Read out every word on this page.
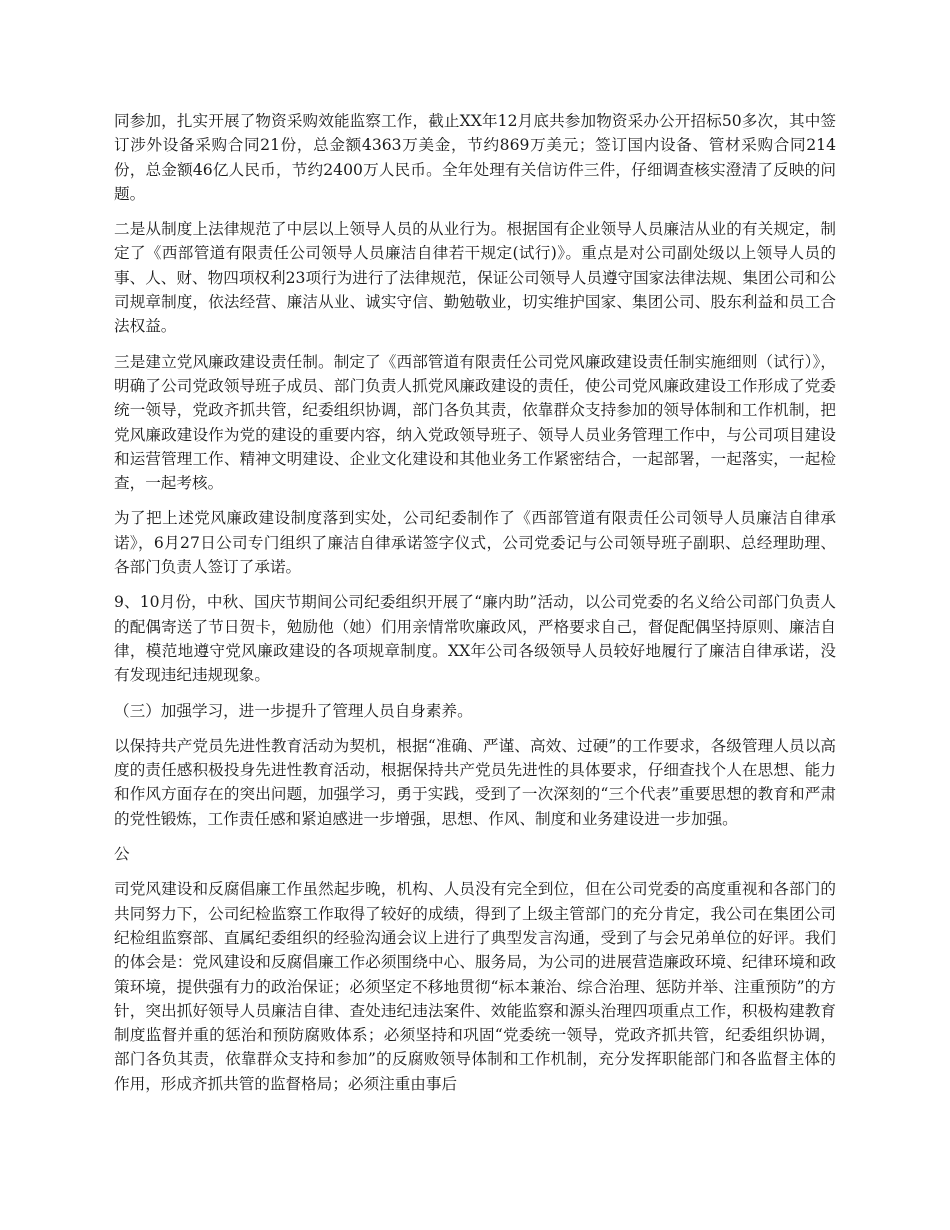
同参加，扎实开展了物资采购效能监察工作，截止XX年12月底共参加物资采办公开招标50多次，其中签订涉外设备采购合同21份，总金额4363万美金，节约869万美元；签订国内设备、管材采购合同214份，总金额46亿人民币，节约2400万人民币。全年处理有关信访件三件，仔细调查核实澄清了反映的问题。

二是从制度上法律规范了中层以上领导人员的从业行为。根据国有企业领导人员廉洁从业的有关规定，制定了《西部管道有限责任公司领导人员廉洁自律若干规定(试行)》。重点是对公司副处级以上领导人员的事、人、财、物四项权利23项行为进行了法律规范，保证公司领导人员遵守国家法律法规、集团公司和公司规章制度，依法经营、廉洁从业、诚实守信、勤勉敬业，切实维护国家、集团公司、股东利益和员工合法权益。

三是建立党风廉政建设责任制。制定了《西部管道有限责任公司党风廉政建设责任制实施细则（试行）》，明确了公司党政领导班子成员、部门负责人抓党风廉政建设的责任，使公司党风廉政建设工作形成了党委统一领导，党政齐抓共管，纪委组织协调，部门各负其责，依靠群众支持参加的领导体制和工作机制，把党风廉政建设作为党的建设的重要内容，纳入党政领导班子、领导人员业务管理工作中，与公司项目建设和运营管理工作、精神文明建设、企业文化建设和其他业务工作紧密结合，一起部署，一起落实，一起检查，一起考核。

为了把上述党风廉政建设制度落到实处，公司纪委制作了《西部管道有限责任公司领导人员廉洁自律承诺》，6月27日公司专门组织了廉洁自律承诺签字仪式，公司党委记与公司领导班子副职、总经理助理、各部门负责人签订了承诺。

9、10月份，中秋、国庆节期间公司纪委组织开展了“廉内助”活动，以公司党委的名义给公司部门负责人的配偶寄送了节日贺卡，勉励他（她）们用亲情常吹廉政风，严格要求自己，督促配偶坚持原则、廉洁自律，模范地遵守党风廉政建设的各项规章制度。XX年公司各级领导人员较好地履行了廉洁自律承诺，没有发现违纪违规现象。

（三）加强学习，进一步提升了管理人员自身素养。

以保持共产党员先进性教育活动为契机，根据“准确、严谨、高效、过硬”的工作要求，各级管理人员以高度的责任感积极投身先进性教育活动，根据保持共产党员先进性的具体要求，仔细查找个人在思想、能力和作风方面存在的突出问题，加强学习，勇于实践，受到了一次深刻的“三个代表”重要思想的教育和严肃的党性锻炼，工作责任感和紧迫感进一步增强，思想、作风、制度和业务建设进一步加强。

公

司党风建设和反腐倡廉工作虽然起步晚，机构、人员没有完全到位，但在公司党委的高度重视和各部门的共同努力下，公司纪检监察工作取得了较好的成绩，得到了上级主管部门的充分肯定，我公司在集团公司纪检组监察部、直属纪委组织的经验沟通会议上进行了典型发言沟通，受到了与会兄弟单位的好评。我们的体会是：党风建设和反腐倡廉工作必须围绕中心、服务局，为公司的进展营造廉政环境、纪律环境和政策环境，提供强有力的政治保证；必须坚定不移地贯彻“标本兼治、综合治理、惩防并举、注重预防”的方针，突出抓好领导人员廉洁自律、查处违纪违法案件、效能监察和源头治理四项重点工作，积极构建教育制度监督并重的惩治和预防腐败体系；必须坚持和巩固“党委统一领导，党政齐抓共管，纪委组织协调，部门各负其责，依靠群众支持和参加”的反腐败领导体制和工作机制，充分发挥职能部门和各监督主体的作用，形成齐抓共管的监督格局；必须注重由事后
